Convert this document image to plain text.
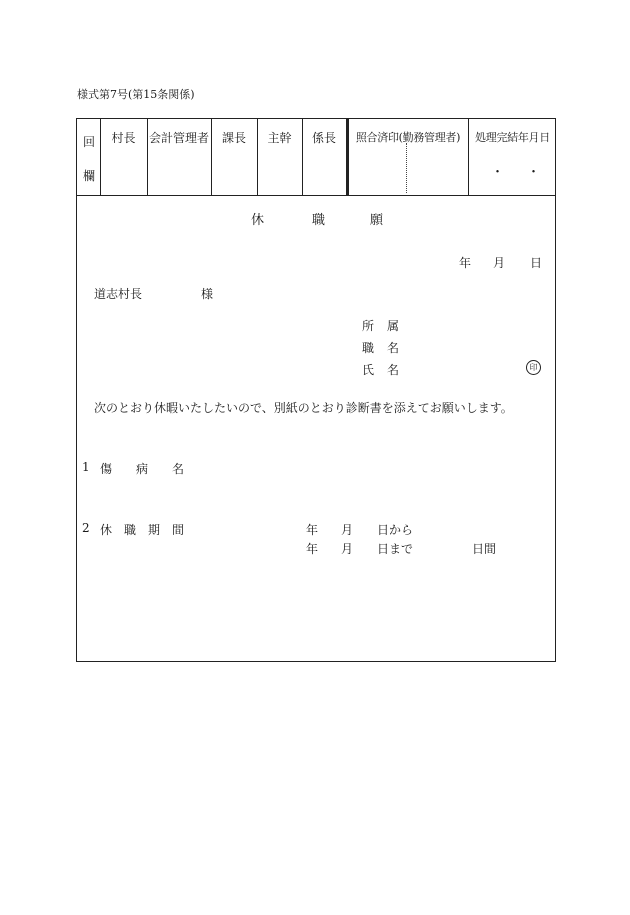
様式第7号(第15条関係)
回
欄
村長	会計管理者	課長	主幹	係長	照合済印(勤務管理者)	処理完結年月日
・ ・
休	職	願
年 月 日
道志村長	様
所 属
職 名
氏 名	印
次のとおり休暇いたしたいので、別紙のとおり診断書を添えてお願いします。
1 傷 病 名
2 休 職 期 間	年 月 日から
年 月 日まで	日間
